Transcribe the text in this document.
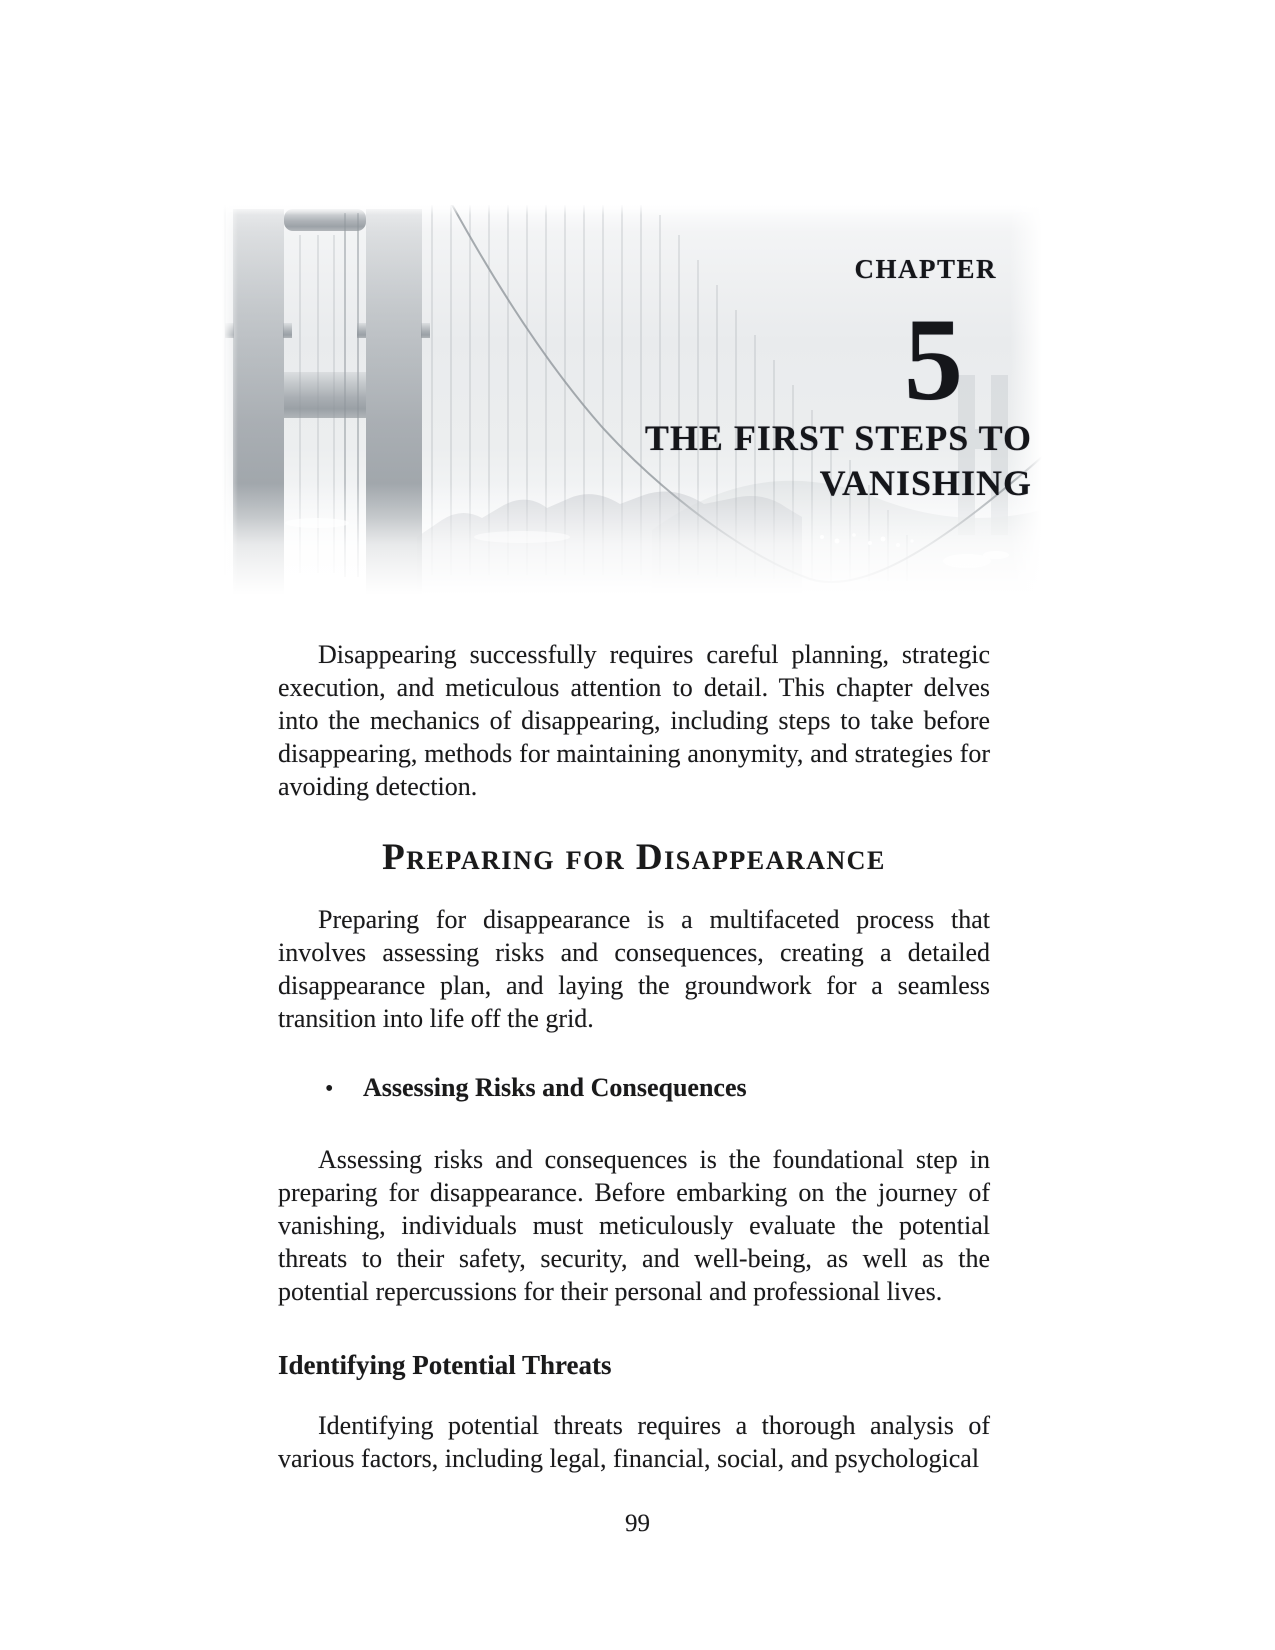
CHAPTER
5
THE FIRST STEPS TO
VANISHING

Disappearing successfully requires careful planning, strategic execution, and meticulous attention to detail. This chapter delves into the mechanics of disappearing, including steps to take before disappearing, methods for maintaining anonymity, and strategies for avoiding detection.

Preparing for Disappearance

Preparing for disappearance is a multifaceted process that involves assessing risks and consequences, creating a detailed disappearance plan, and laying the groundwork for a seamless transition into life off the grid.

•	Assessing Risks and Consequences

Assessing risks and consequences is the foundational step in preparing for disappearance. Before embarking on the journey of vanishing, individuals must meticulously evaluate the potential threats to their safety, security, and well-being, as well as the potential repercussions for their personal and professional lives.

Identifying Potential Threats

Identifying potential threats requires a thorough analysis of various factors, including legal, financial, social, and psychological

99
